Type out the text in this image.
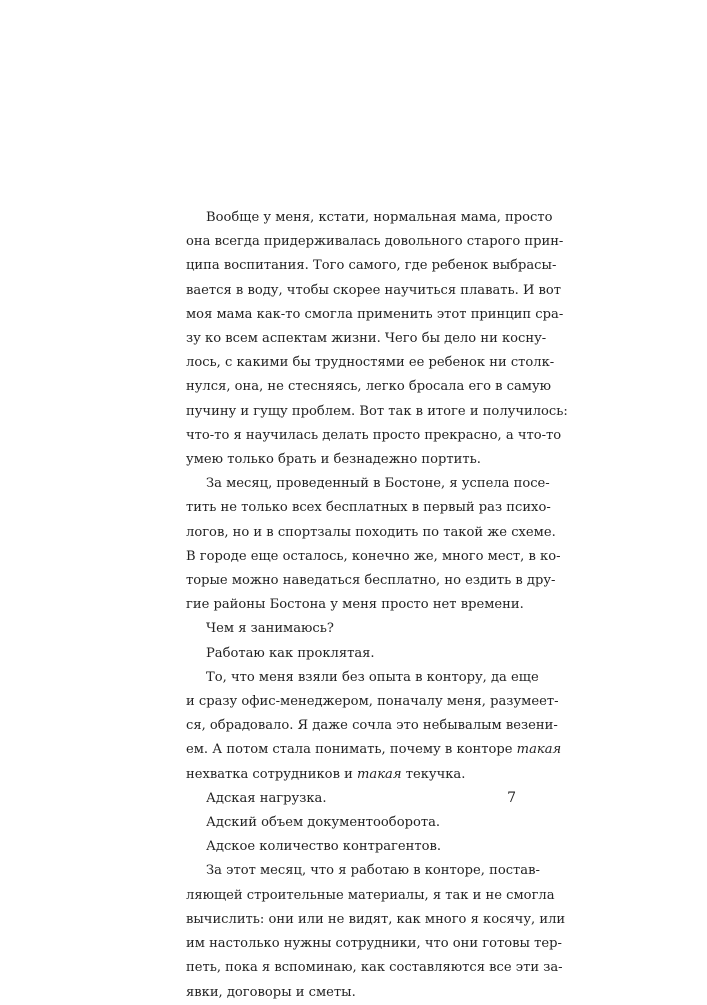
Вообще у меня, кстати, нормальная мама, просто
она всегда придерживалась довольного старого прин-
ципа воспитания. Того самого, где ребенок выбрасы-
вается в воду, чтобы скорее научиться плавать. И вот
моя мама как-то смогла применить этот принцип сра-
зу ко всем аспектам жизни. Чего бы дело ни косну-
лось, с какими бы трудностями ее ребенок ни столк-
нулся, она, не стесняясь, легко бросала его в самую
пучину и гущу проблем. Вот так в итоге и получилось:
что-то я научилась делать просто прекрасно, а что-то
умею только брать и безнадежно портить.
За месяц, проведенный в Бостоне, я успела посе-
тить не только всех бесплатных в первый раз психо-
логов, но и в спортзалы походить по такой же схеме.
В городе еще осталось, конечно же, много мест, в ко-
торые можно наведаться бесплатно, но ездить в дру-
гие районы Бостона у меня просто нет времени.
Чем я занимаюсь?
Работаю как проклятая.
То, что меня взяли без опыта в контору, да еще
и сразу офис-менеджером, поначалу меня, разумеет-
ся, обрадовало. Я даже сочла это небывалым везени-
ем. А потом стала понимать, почему в конторе такая
нехватка сотрудников и такая текучка.
Адская нагрузка.
Адский объем документооборота.
Адское количество контрагентов.
За этот месяц, что я работаю в конторе, постав-
ляющей строительные материалы, я так и не смогла
вычислить: они или не видят, как много я косячу, или
им настолько нужны сотрудники, что они готовы тер-
петь, пока я вспоминаю, как составляются все эти за-
явки, договоры и сметы.
7
